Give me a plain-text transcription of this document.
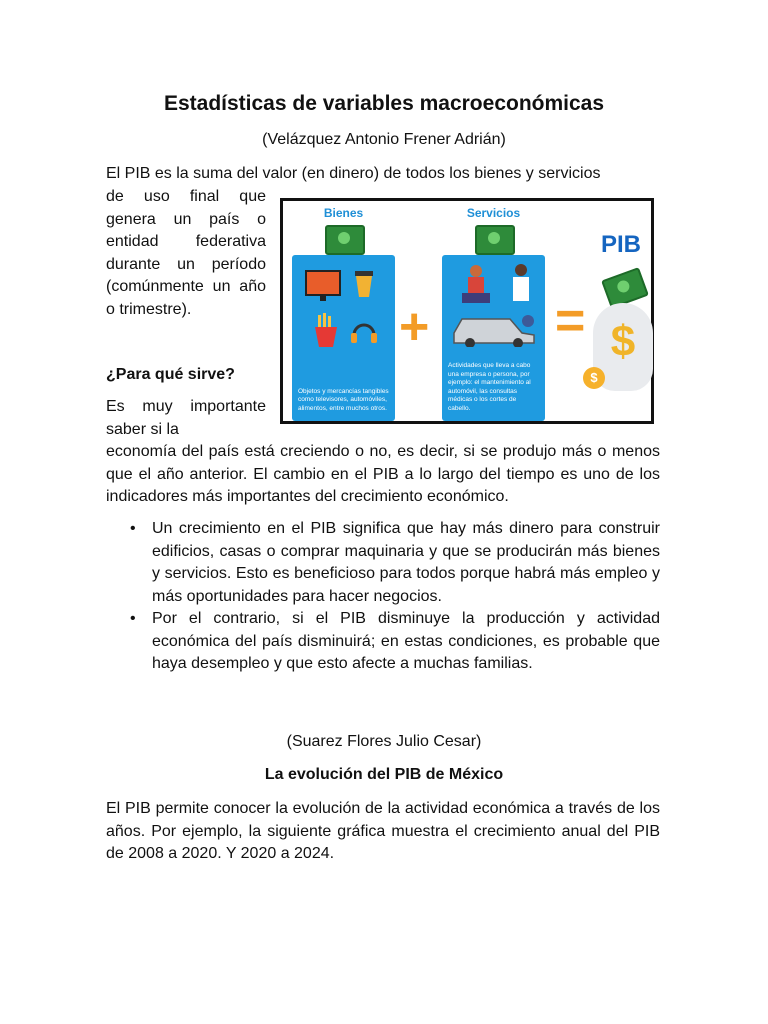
Estadísticas de variables macroeconómicas
(Velázquez Antonio Frener Adrián)

El PIB es la suma del valor (en dinero) de todos los bienes y servicios

de uso final que genera un país o entidad federativa durante un período (comúnmente un año o trimestre).

Bienes	Servicios
Objetos y mercancías tangibles como televisores, automóviles, alimentos, entre muchos otros.
+
Actividades que lleva a cabo una empresa o persona, por ejemplo: el mantenimiento al automóvil, las consultas médicas o los cortes de cabello.
=
PIB
$
$
¿Para qué sirve?

Es muy importante saber si la

economía del país está creciendo o no, es decir, si se produjo más o menos que el año anterior. El cambio en el PIB a lo largo del tiempo es uno de los indicadores más importantes del crecimiento económico.

• Un crecimiento en el PIB significa que hay más dinero para construir edificios, casas o comprar maquinaria y que se producirán más bienes y servicios. Esto es beneficioso para todos porque habrá más empleo y más oportunidades para hacer negocios.
• Por el contrario, si el PIB disminuye la producción y actividad económica del país disminuirá; en estas condiciones, es probable que haya desempleo y que esto afecte a muchas familias.
(Suarez Flores Julio Cesar)
La evolución del PIB de México

El PIB permite conocer la evolución de la actividad económica a través de los años. Por ejemplo, la siguiente gráfica muestra el crecimiento anual del PIB de 2008 a 2020. Y 2020 a 2024.
